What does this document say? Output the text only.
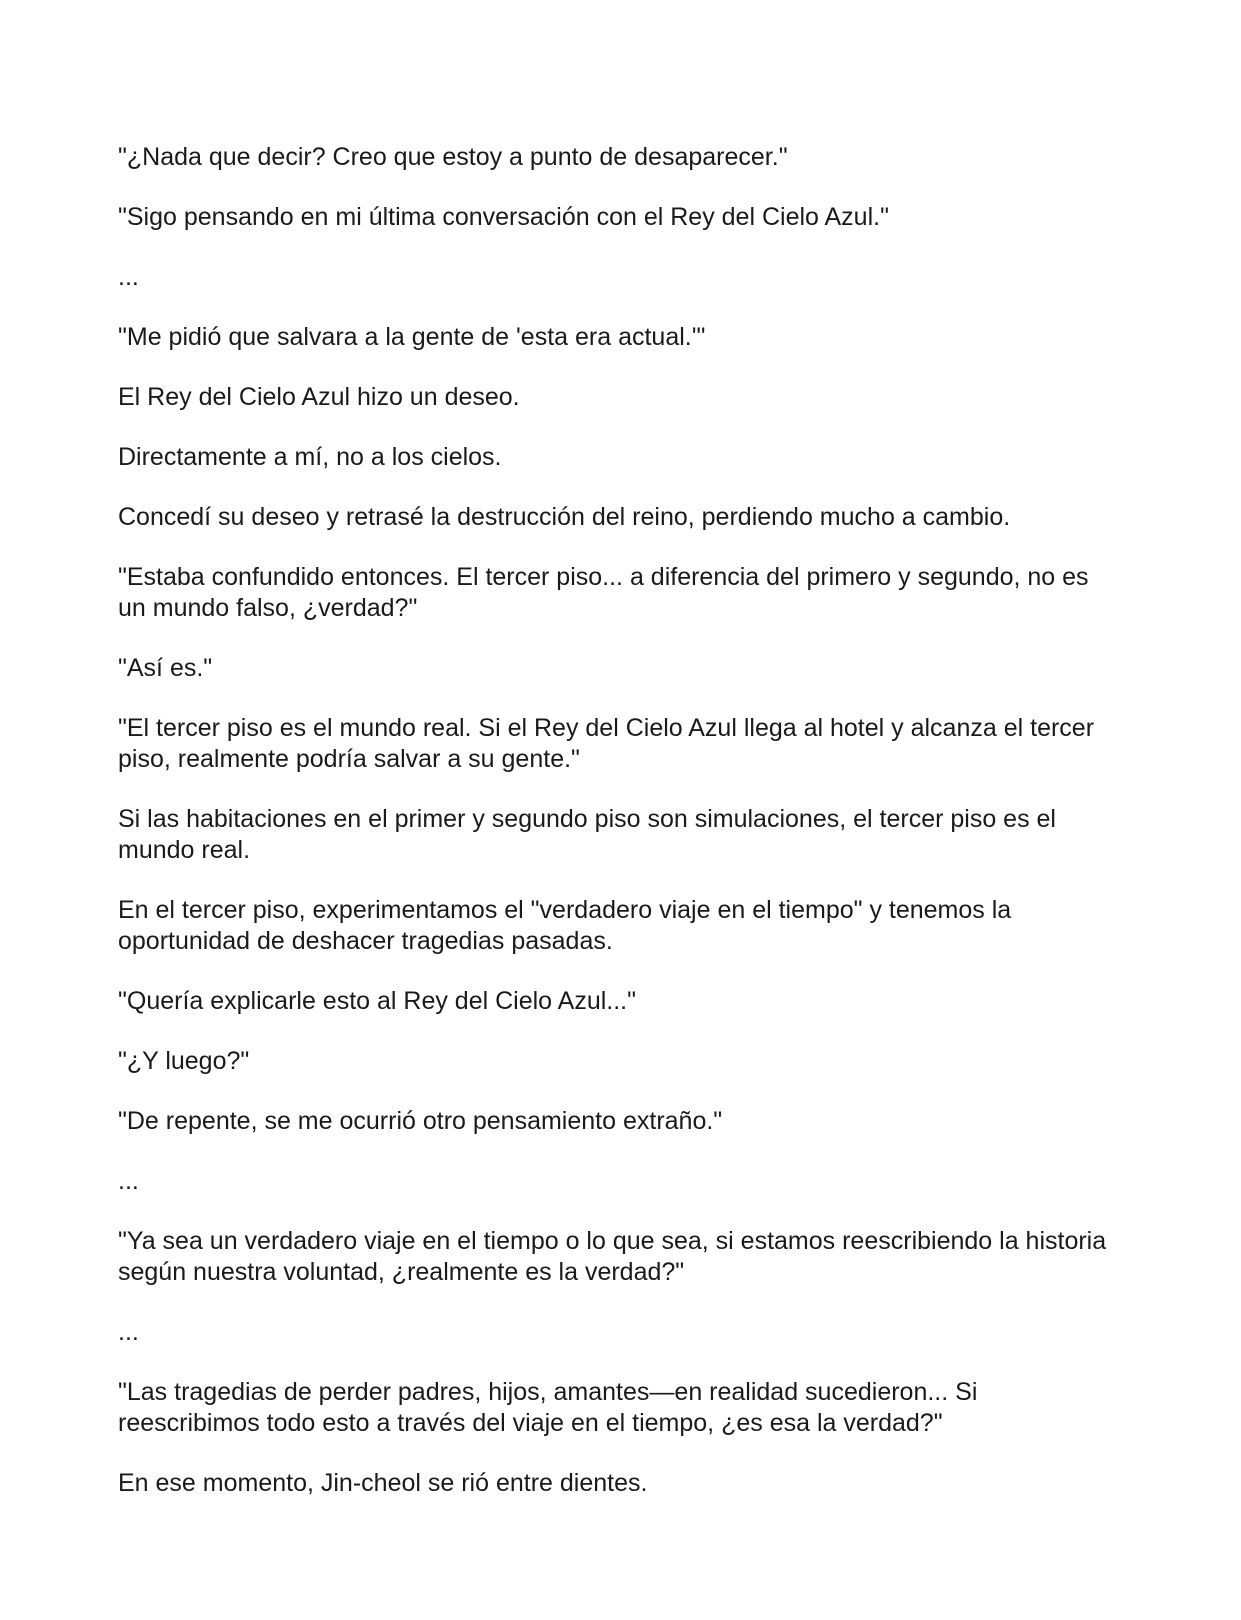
"¿Nada que decir? Creo que estoy a punto de desaparecer."

"Sigo pensando en mi última conversación con el Rey del Cielo Azul."

...

"Me pidió que salvara a la gente de 'esta era actual.'"

El Rey del Cielo Azul hizo un deseo.

Directamente a mí, no a los cielos.

Concedí su deseo y retrasé la destrucción del reino, perdiendo mucho a cambio.

"Estaba confundido entonces. El tercer piso... a diferencia del primero y segundo, no es un mundo falso, ¿verdad?"

"Así es."

"El tercer piso es el mundo real. Si el Rey del Cielo Azul llega al hotel y alcanza el tercer piso, realmente podría salvar a su gente."

Si las habitaciones en el primer y segundo piso son simulaciones, el tercer piso es el mundo real.

En el tercer piso, experimentamos el "verdadero viaje en el tiempo" y tenemos la oportunidad de deshacer tragedias pasadas.

"Quería explicarle esto al Rey del Cielo Azul..."

"¿Y luego?"

"De repente, se me ocurrió otro pensamiento extraño."

...

"Ya sea un verdadero viaje en el tiempo o lo que sea, si estamos reescribiendo la historia según nuestra voluntad, ¿realmente es la verdad?"

...

"Las tragedias de perder padres, hijos, amantes—en realidad sucedieron... Si reescribimos todo esto a través del viaje en el tiempo, ¿es esa la verdad?"

En ese momento, Jin-cheol se rió entre dientes.
